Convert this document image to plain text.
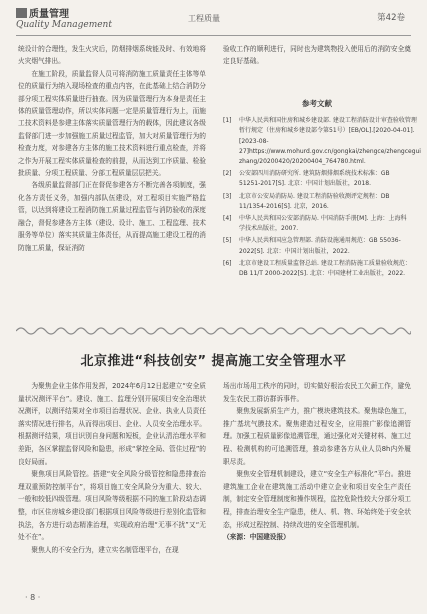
质量管理
Quality Management
工程质量	第42卷

统设计的合理性，发生火灾后，防烟排烟系统能及时、有效地将火灾烟气排出。

在施工阶段，质量监督人员可将消防施工质量责任主体等单位的质量行为纳入现场检查的重点内容，在此基础上结合消防分部分项工程实体质量进行抽查。因为质量管理行为本身是责任主体的质量管理动作，所以实体问题一定是质量管理行为上，而施工技术资料是参建主体落实质量管理行为的载体，因此建议各级监督部门进一步加强施工质量过程监管，加大对质量管理行为的检查力度，对参建各方主体的施工技术资料进行重点检查，并将之作为开展工程实体质量检查的前提，从而达到工序质量、检验批质量、分项工程质量、分部工程质量层层把关。

各级质量监督部门正在督促参建各方不断完善各项制度，强化各方责任义务，加强内部队伍建设，对工程项目实施严格监管，以达到将建设工程消防施工质量过程监管与消防验收的深度融合，督促参建各方主体（建设、设计、施工、工程监理、技术服务等单位）落实其质量主体责任，从而提高施工建设工程的消防施工质量，保证消防

验收工作的顺利进行，同时也为建筑物投入使用后的消防安全奠定良好基础。

参考文献
[1]	中华人民共和国住房和城乡建设部. 建设工程消防设计审查验收管理暂行规定（住房和城乡建设部令第51号）[EB/OL].[2020-04-01].[2023-08-27]https://www.mohurd.gov.cn/gongkai/zhengce/zhengcegui zhang/20200420/20200404_764780.html.
[2]	公安部四川消防研究所. 建筑防烟排烟系统技术标准：GB 51251-2017[S]. 北京：中国计划出版社，2018.
[3]	北京市公安局消防局. 建设工程消防验收测评定规程：DB 11/1354-2016[S]. 北京，2016.
[4]	中华人民共和国公安部消防局. 中国消防手册[M]. 上海：上海科学技术出版社，2007.
[5]	中华人民共和国应急管理部. 消防设施通用规范：GB 55036-2022[S]. 北京：中国计划出版社，2022.
[6]	北京市建设工程质量监督总站. 建设工程消防施工质量验收规范：DB 11/T 2000-2022[S]. 北京：中国建材工业出版社，2022.
北京推进“科技创安” 提高施工安全管理水平

为聚焦企业主体作用发挥，2024年6月12日起建立“安全质量状况测评平台”。建设、施工、监理分别开展项目安全治理状况测评，以测评结果对全市项目治理状况、企业、执业人员责任落实情况进行排名，从而得出项目、企业、人员安全治理水平。根据测评结果，项目识别自身问题和短板，企业认清治理水平和差距，各区掌握监督风险和隐患，形成“掌控全局、管住过程”的良好局面。

聚焦项目风险管控。搭建“安全风险分级管控和隐患排查治理双重预防控制平台”，将项目施工安全风险分为重大、较大、一般和较低四级管理。项目风险等级根据不同的施工阶段动态调整，市区住房城乡建设部门根据项目风险等级进行差别化监管和执法，各方进行动态精准治理，实现政府治理“无事不扰”又“无处不在”。

聚焦人的不安全行为，建立实名制管理平台，在现

场出市场用工秩序的同时，切实做好根治农民工欠薪工作，避免发生农民工群访群诉事件。

聚焦发展新质生产力，推广模块建筑技术。聚焦绿色施工，推广基坑气膜技术。聚焦建造过程安全，应用推广影像追溯管理。加强工程质量影像追溯管理，通过强化对关键材料、施工过程、检测机构的可追溯管理，推动参建各方从业人员8h内外履职尽责。

聚焦安全管理机制建设，建立“安全生产标准化”平台。推进建筑施工企业在建筑施工活动中建立企业和项目安全生产责任制，制定安全管理制度和操作规程，监控危险性较大分部分项工程，排查治理安全生产隐患，使人、机、物、环始终处于安全状态，形成过程控制、持续改进的安全管理机制。

（来源：中国建设报）

· 8 ·
